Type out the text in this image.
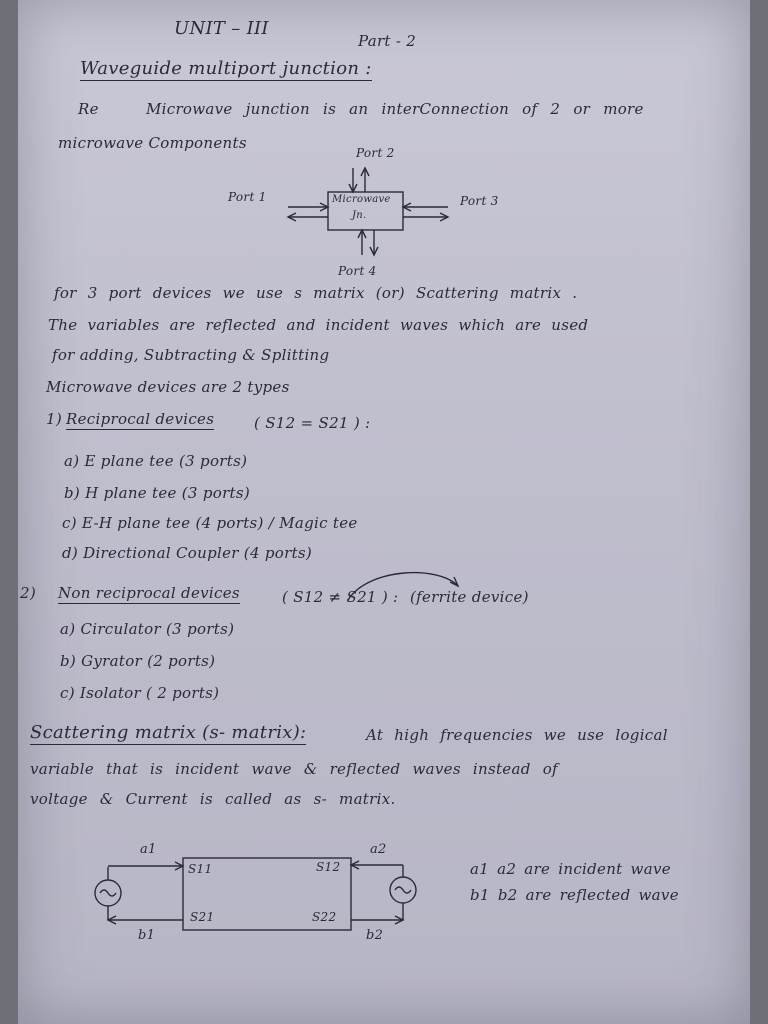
UNIT – III
Part - 2
Waveguide multiport junction :
Re	Microwave junction is an interConnection of 2 or more
microwave Components
Microwave
Jn.
Port 1
Port 2
Port 3
Port 4
for 3 port devices we use s matrix (or) Scattering matrix .
The variables are reflected and incident waves which are used
for adding, Subtracting & Splitting
Microwave devices are 2 types
1) Reciprocal devices	( S12 = S21 ) :
a) E plane tee (3 ports)
b) H plane tee (3 ports)
c) E-H plane tee (4 ports) / Magic tee
d) Directional Coupler (4 ports)
2) Non reciprocal devices	( S12 ≠ S21 ) : (ferrite device)
a) Circulator (3 ports)
b) Gyrator (2 ports)
c) Isolator ( 2 ports)
Scattering matrix (s- matrix):	At high frequencies we use logical
variable that is incident wave & reflected waves instead of
voltage & Current is called as s- matrix.
a1	a2
b1	b2
S11	S12
S21	S22
a1 a2 are incident wave
b1 b2 are reflected wave
